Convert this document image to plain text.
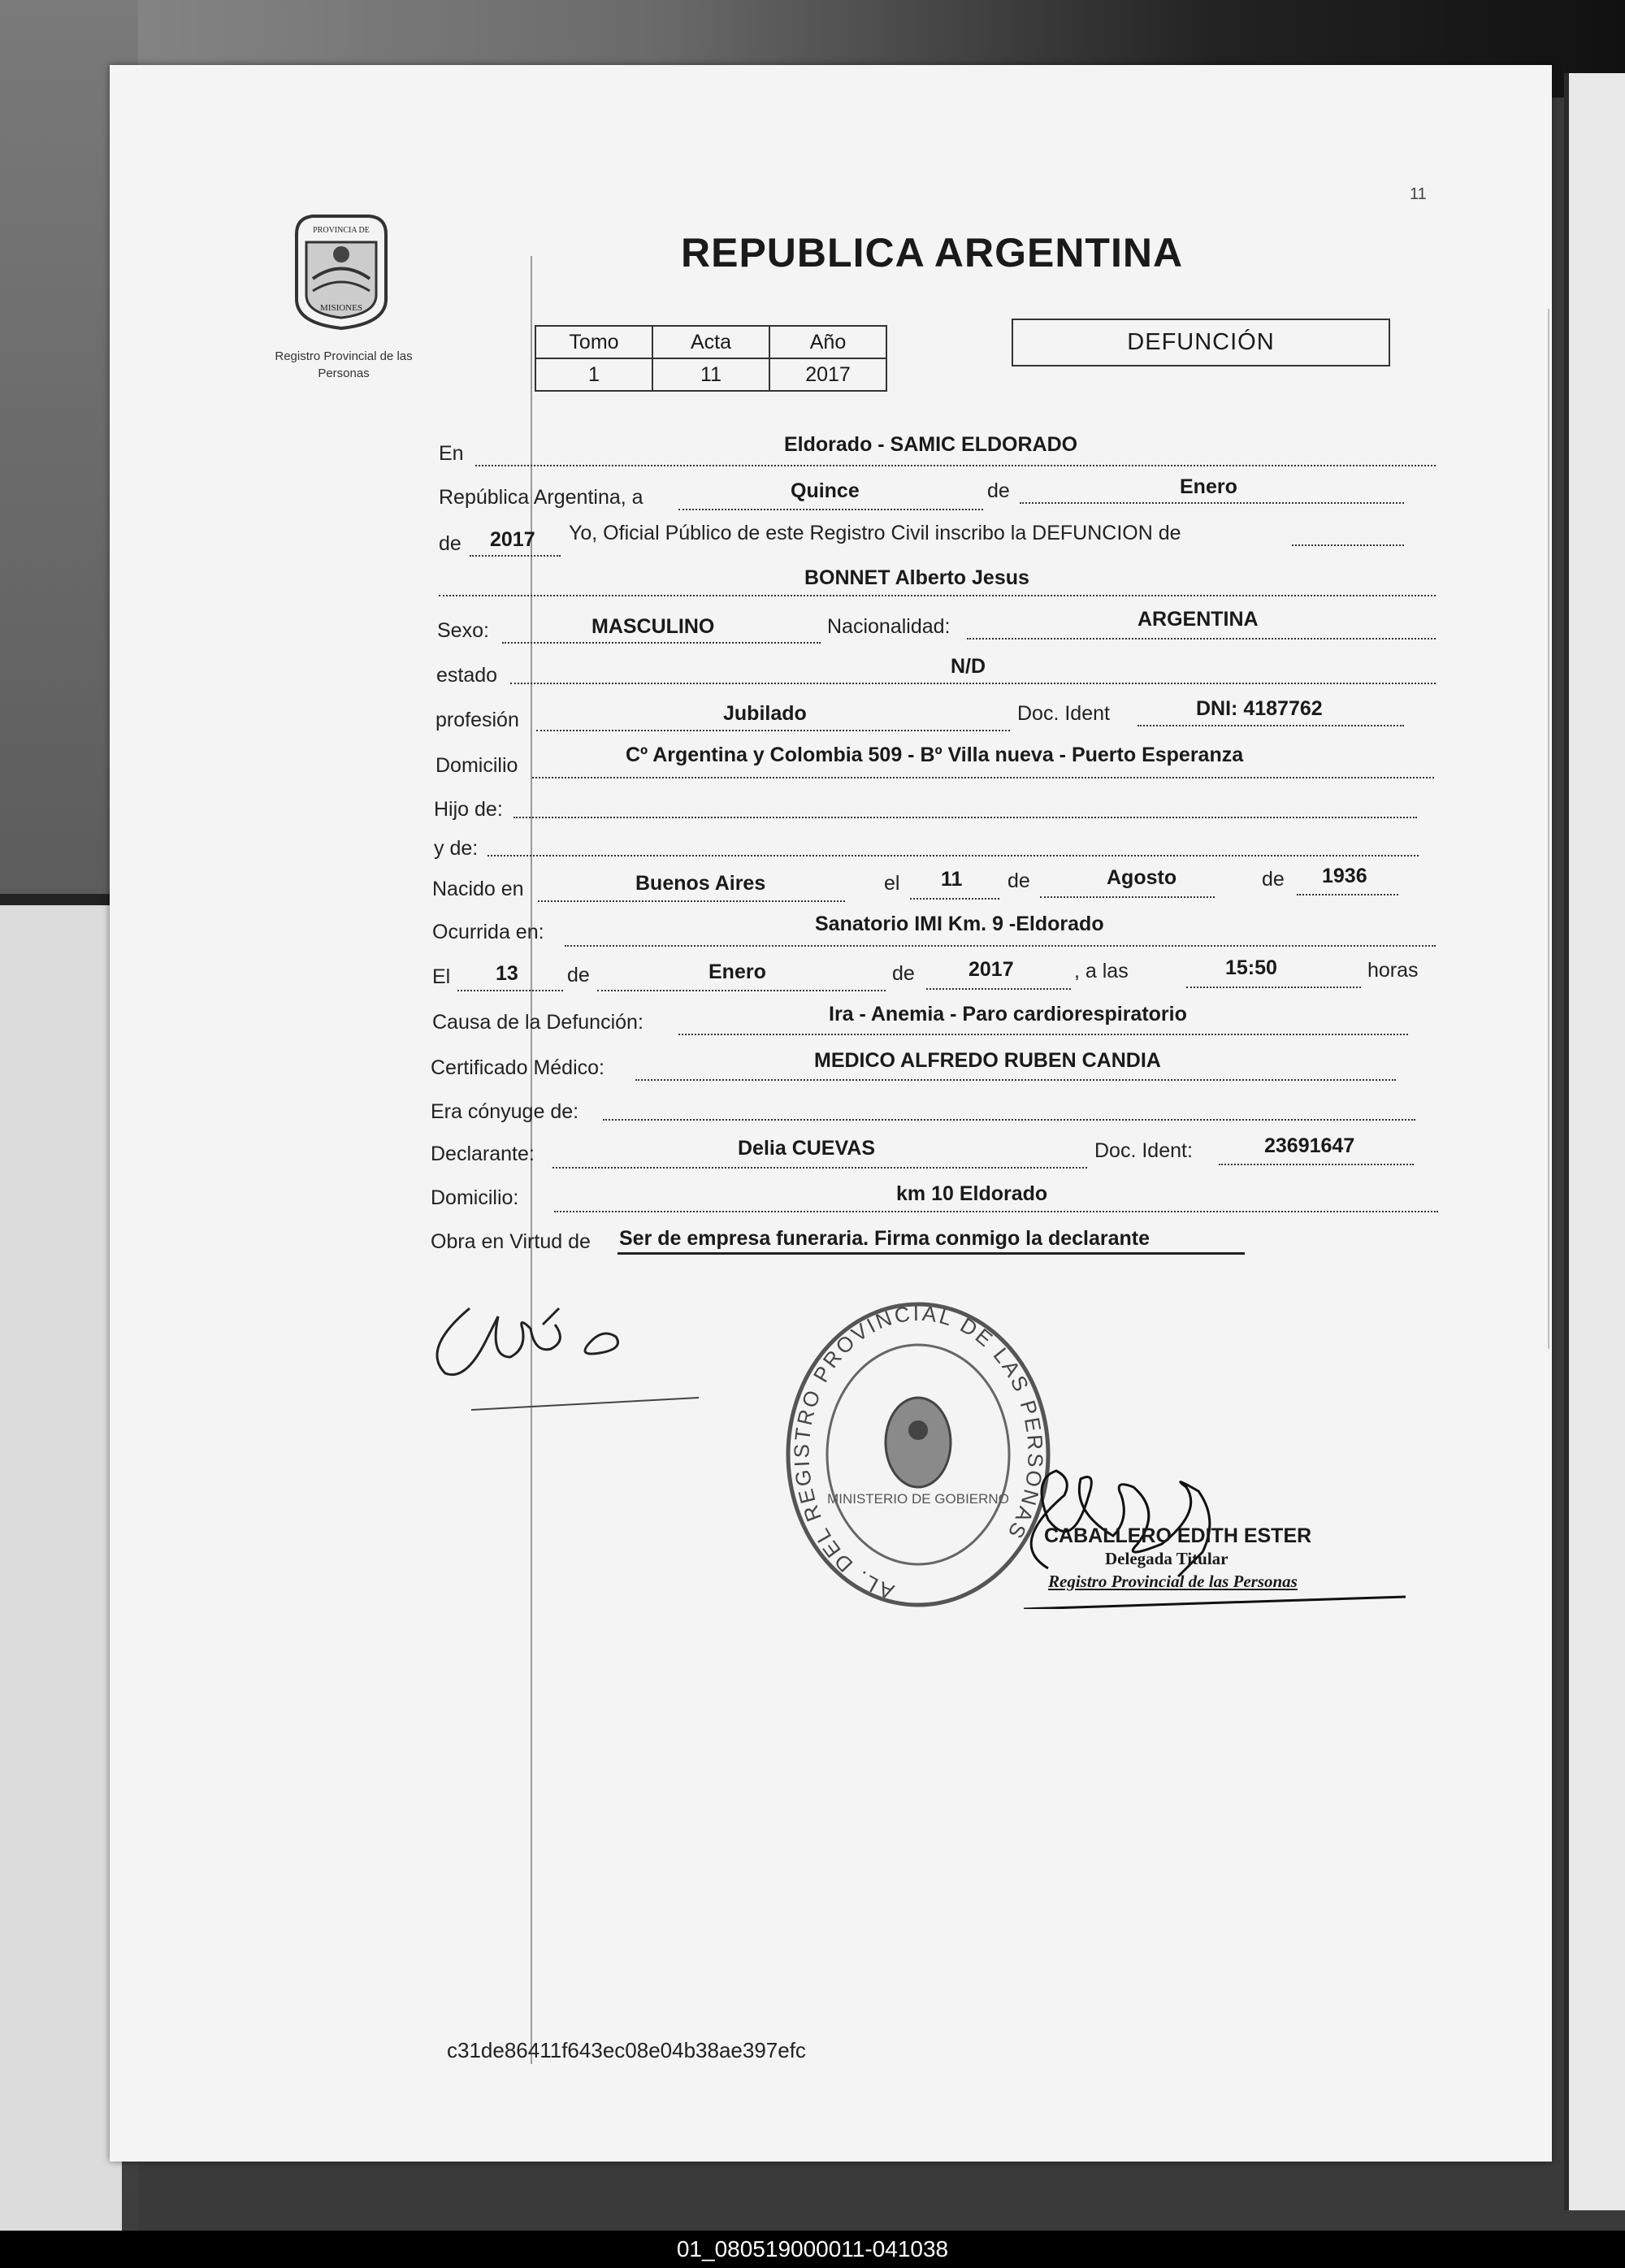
PROVINCIA DE
MISIONES
Registro Provincial de las Personas
11
REPUBLICA ARGENTINA
Tomo	Acta	Año
1	11	2017
DEFUNCIÓN
En	Eldorado - SAMIC ELDORADO
República Argentina, a	Quince	de	Enero
de 2017 Yo, Oficial Público de este Registro Civil inscribo la DEFUNCION de
BONNET Alberto Jesus
Sexo:	MASCULINO	Nacionalidad:	ARGENTINA
estado	N/D
profesión	Jubilado	Doc. Ident	DNI: 4187762
Domicilio	Cº Argentina y Colombia 509 - Bº Villa nueva - Puerto Esperanza
Hijo de:
y de:
Nacido en	Buenos Aires	el 11 de	Agosto	de 1936
Ocurrida en:	Sanatorio IMI Km. 9 -Eldorado
El 13 de	Enero	de	2017	, a las	15:50	horas
Causa de la Defunción:	Ira - Anemia - Paro cardiorespiratorio
Certificado Médico:	MEDICO ALFREDO RUBEN CANDIA
Era cónyuge de:
Declarante:	Delia CUEVAS	Doc. Ident:	23691647
Domicilio:	km 10 Eldorado
Obra en Virtud de Ser de empresa funeraria. Firma conmigo la declarante
AL. DEL REGISTRO PROVINCIAL DE LAS PERSONAS
MINISTERIO DE GOBIERNO
CABALLERO EDITH ESTER
Delegada Titular
Registro Provincial de las Personas
c31de86411f643ec08e04b38ae397efc
01_080519000011-041038
